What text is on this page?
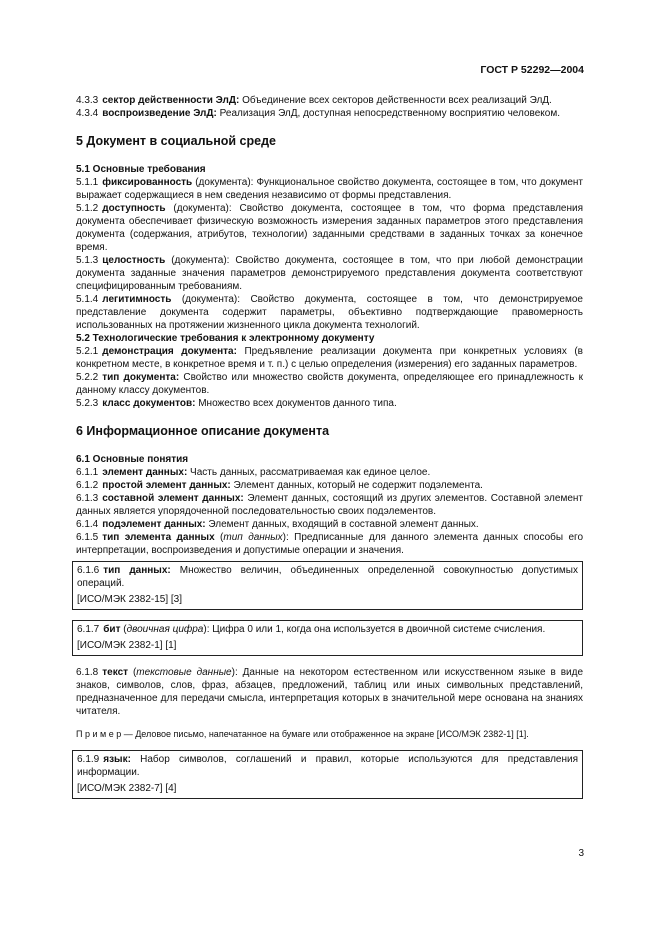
ГОСТ Р 52292—2004

4.3.3 сектор действенности ЭлД: Объединение всех секторов действенности всех реализаций ЭлД.

4.3.4 воспроизведение ЭлД: Реализация ЭлД, доступная непосредственному восприятию человеком.

5 Документ в социальной среде
5.1 Основные требования

5.1.1 фиксированность (документа): Функциональное свойство документа, состоящее в том, что документ выражает содержащиеся в нем сведения независимо от формы представления.

5.1.2 доступность (документа): Свойство документа, состоящее в том, что форма представления документа обеспечивает физическую возможность измерения заданных параметров этого представления документа (содержания, атрибутов, технологии) заданными средствами в заданных точках за конечное время.

5.1.3 целостность (документа): Свойство документа, состоящее в том, что при любой демонстрации документа заданные значения параметров демонстрируемого представления документа соответствуют специфицированным требованиям.

5.1.4 легитимность (документа): Свойство документа, состоящее в том, что демонстрируемое представление документа содержит параметры, объективно подтверждающие правомерность использованных на протяжении жизненного цикла документа технологий.

5.2 Технологические требования к электронному документу

5.2.1 демонстрация документа: Предъявление реализации документа при конкретных условиях (в конкретном месте, в конкретное время и т. п.) с целью определения (измерения) его заданных параметров.

5.2.2 тип документа: Свойство или множество свойств документа, определяющее его принадлежность к данному классу документов.

5.2.3 класс документов: Множество всех документов данного типа.

6 Информационное описание документа
6.1 Основные понятия

6.1.1 элемент данных: Часть данных, рассматриваемая как единое целое.

6.1.2 простой элемент данных: Элемент данных, который не содержит подэлемента.

6.1.3 составной элемент данных: Элемент данных, состоящий из других элементов. Составной элемент данных является упорядоченной последовательностью своих подэлементов.

6.1.4 подэлемент данных: Элемент данных, входящий в составной элемент данных.

6.1.5 тип элемента данных (тип данных): Предписанные для данного элемента данных способы его интерпретации, воспроизведения и допустимые операции и значения.

6.1.6 тип данных: Множество величин, объединенных определенной совокупностью допустимых операций.

[ИСО/МЭК 2382-15] [3]

6.1.7 бит (двоичная цифра): Цифра 0 или 1, когда она используется в двоичной системе счисления.

[ИСО/МЭК 2382-1] [1]

6.1.8 текст (текстовые данные): Данные на некотором естественном или искусственном языке в виде знаков, символов, слов, фраз, абзацев, предложений, таблиц или иных символьных представлений, предназначенное для передачи смысла, интерпретация которых в значительной мере основана на знаниях читателя.

П р и м е р — Деловое письмо, напечатанное на бумаге или отображенное на экране [ИСО/МЭК 2382-1] [1].

6.1.9 язык: Набор символов, соглашений и правил, которые используются для представления информации.

[ИСО/МЭК 2382-7] [4]

3
